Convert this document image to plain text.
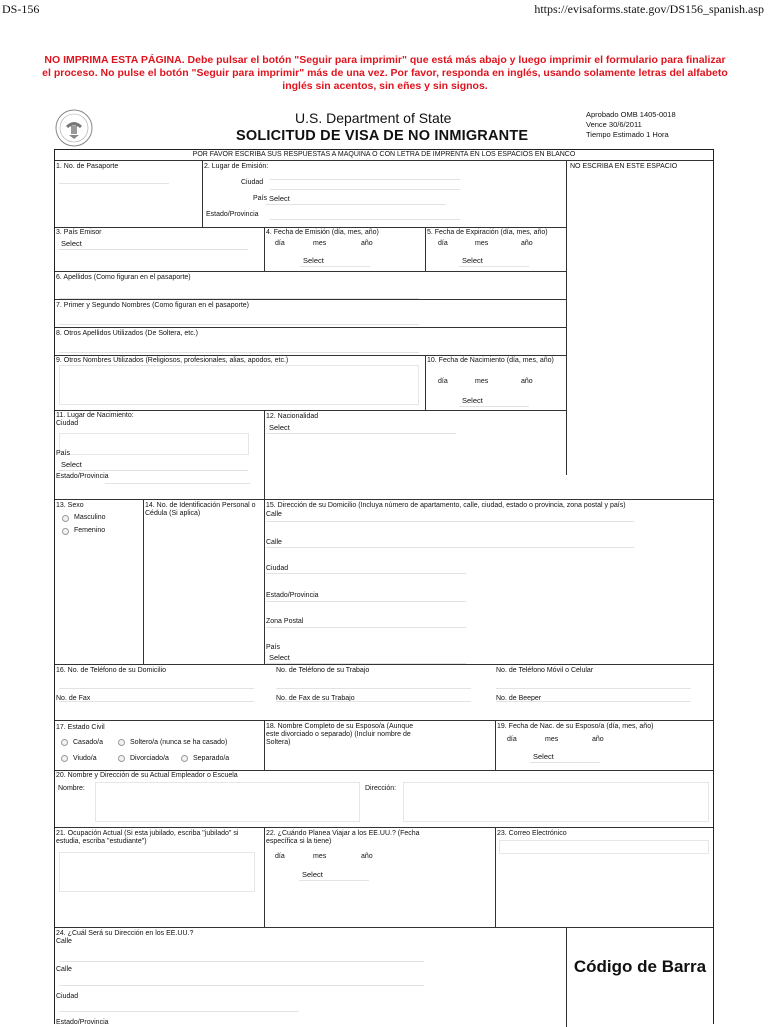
DS-156	https://evisaforms.state.gov/DS156_spanish.asp
NO IMPRIMA ESTA PÁGINA. Debe pulsar el botón "Seguir para imprimir" que está más abajo y luego imprimir el formulario para finalizar el proceso. No pulse el botón "Seguir para imprimir" más de una vez. Por favor, responda en inglés, usando solamente letras del alfabeto inglés sin acentos, sin eñes y sin signos.
U.S. Department of State
SOLICITUD DE VISA DE NO INMIGRANTE
Aprobado OMB 1405-0018
Vence 30/6/2011
Tiempo Estimado 1 Hora
POR FAVOR ESCRIBA SUS RESPUESTAS A MAQUINA O CON LETRA DE IMPRENTA EN LOS ESPACIOS EN BLANCO
NO ESCRIBA EN ESTE ESPACIO
1. No. de Pasaporte	2. Lugar de Emisión:
Ciudad
País Select
Estado/Provincia
3. País Emisor
Select
4. Fecha de Emisión (día, mes, año)
día	mes	año
Select
5. Fecha de Expiración (día, mes, año)
día	mes	año
Select
6. Apellidos (Como figuran en el pasaporte)
7. Primer y Segundo Nombres (Como figuran en el pasaporte)
8. Otros Apellidos Utilizados (De Soltera, etc.)
9. Otros Nombres Utilizados (Religiosos, profesionales, alias, apodos, etc.)	10. Fecha de Nacimiento (día, mes, año)
día	mes	año
Select
11. Lugar de Nacimiento:
Ciudad
País
Select
Estado/Provincia
12. Nacionalidad
Select
13. Sexo
Masculino
Femenino
14. No. de Identificación Personal o Cédula (Si aplica)
15. Dirección de su Domicilio (Incluya número de apartamento, calle, ciudad, estado o provincia, zona postal y país)
Calle
Calle
Ciudad
Estado/Provincia
Zona Postal
País
Select
16. No. de Teléfono de su Domicilio	No. de Teléfono de su Trabajo	No. de Teléfono Móvil o Celular
No. de Fax	No. de Fax de su Trabajo	No. de Beeper
17. Estado Civil
Casado/a	Soltero/a (nunca se ha casado)
Viudo/a	Divorciado/a	Separado/a
18. Nombre Completo de su Esposo/a (Aunque este divorciado o separado) (Incluir nombre de Soltera)
19. Fecha de Nac. de su Esposo/a (día, mes, año)
día	mes	año
Select
20. Nombre y Dirección de su Actual Empleador o Escuela
Nombre:	Dirección:
21. Ocupación Actual (Si esta jubilado, escriba "jubilado" si estudia, escriba "estudiante")
22. ¿Cuándo Planea Viajar a los EE.UU.? (Fecha específica si la tiene)
día	mes	año
Select
23. Correo Electrónico
24. ¿Cuál Será su Dirección en los EE.UU.?
Calle
Calle
Ciudad
Estado/Provincia
Código de Barra
